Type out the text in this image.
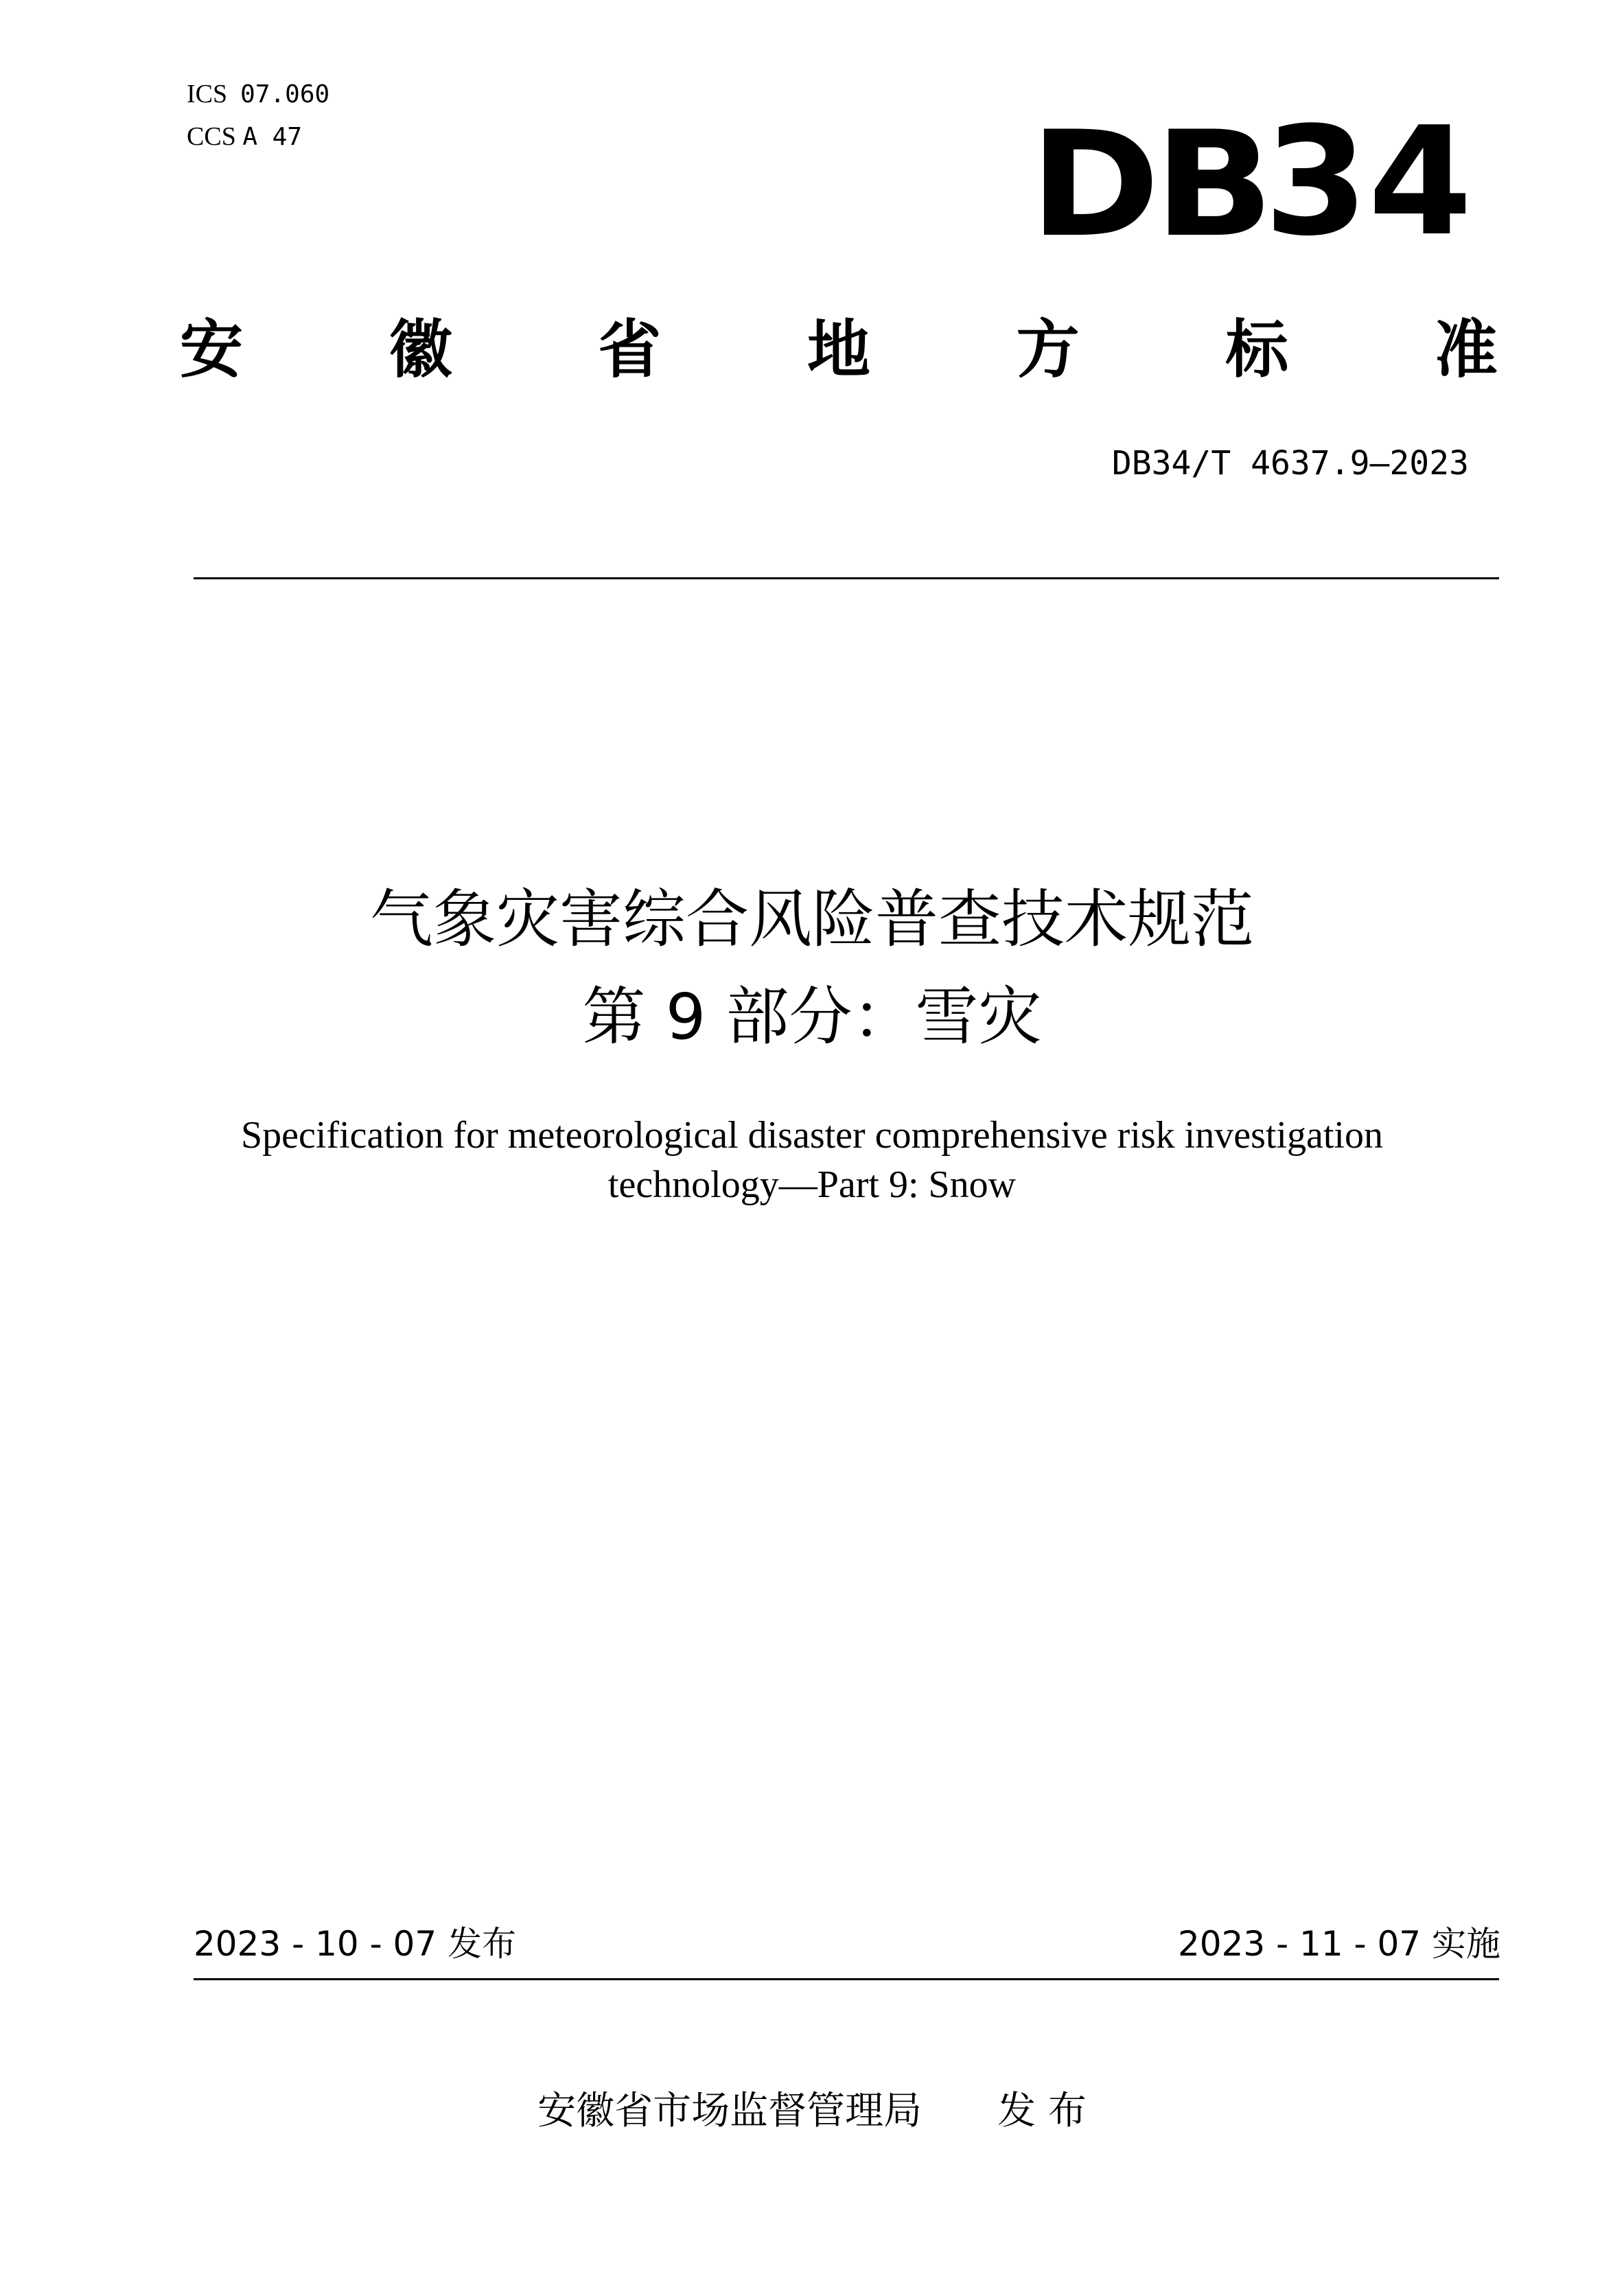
ICS 07.060
CCS A 47	DB
34
安 徽 省 地 方 标 准
DB34/T 4637.9—2023
气象灾害综合风险普查技术规范
第 9 部分：雪灾
Specification for meteorological disaster comprehensive risk investigation
technology—Part 9: Snow
2023 - 10 - 07 发布	2023 - 11 - 07 实施
安徽省市场监督管理局 发 布
